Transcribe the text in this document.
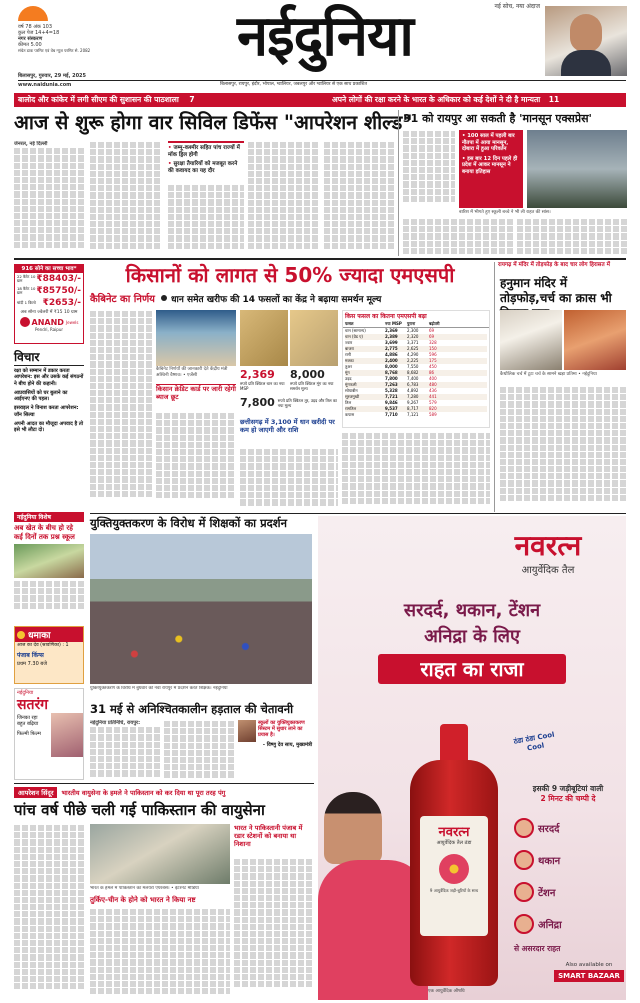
वर्ष 78 अंक 103
कुल पेज 14+4=18
नगर संस्करण
कीमत 5.00
संचेत डाक परमिट एवं वेब न्यूज परमिट से. 2082	नईदुनिया	नई सोच, नया अंदाज
बिलासपुर, गुरुवार, 29 मई, 2025
www.naidunia.com	बिलासपुर, रायपुर, इंदौर, भोपाल, ग्वालियर, जबलपुर और ग्वालियर से एक साथ प्रकाशित
बालोद और कांकेर में लगी सीएम की सुशासन की पाठशाला 7	अपने लोगों की रक्षा करने के भारत के अधिकार को कई देशों ने दी है मान्यता 11
आज से शुरू होगा वार सिविल डिफेंस "आपरेशन शील्ड"
जेनरल, नई दिल्ली
• जम्मू-कश्मीर सहित पांच राज्यों में मॉक ड्रिल होगी
• सुरक्षा तैयारियों को मजबूत करने की कवायद का यह दौर
31 को रायपुर आ सकती है 'मानसून एक्सप्रेस'
• 100 साल में पहली बार नौतपा में आया मानसून, दोबारा में हुआ परिवर्तन
• इस बार 12 दिन पहले ही प्रदेश में आकर मानसून ने बनाया इतिहास
बारिश में भीगते हुए स्कूली बच्चे ने भी ली राहत की सांस।
916 सोने का सच्चा भाव*
22 कैरेट 10 ग्राम	₹88403/-
18 कैरेट 10 ग्राम	₹85750/-
चांदी 1 किलो ₹2653/-
अब सोना ज्वेलरी में ₹15 10 ग्राम
ANAND Jewels
Pendri, Raipur
विचार
रक्षा को सम्मान में डकार करता आपरेशन: इस और उसके कई संगठनों ने बीच होने की कहानी।
आप्रवासियों को घर बुलाने का आईएनए की पहल।
इसराइल ने विनाश करता आपरेशन: जॉन सिल्वा
अपनी आदत का मौजूदा अपवाद है तो इसे भी लौटा दो।
किसानों को लागत से 50% ज्यादा एमएसपी
कैबिनेट का निर्णय धान समेत खरीफ की 14 फसलों का केंद्र ने बढ़ाया समर्थन मूल्य
कैबिनेट निर्णयों की जानकारी देते केंद्रीय मंत्री अश्विनी वैष्णव। • एजेंसी
किसान क्रेडिट कार्ड पर जारी रहेगी ब्याज छूट
2,369
रुपये प्रति क्विंटल धान का नया MSP
8,000
रुपये प्रति क्विंटल मूंग का नया समर्थन मूल्य
7,800 रुपये प्रति क्विंटल तूर, उड़द और तिल का नया मूल्य
छत्तीसगढ़ में 3,100 में धान खरीदी पर कम हो जाएगी और राशि
किस फसल का कितना एमएसपी बढ़ा
फसल	नया MSP	पुराना	बढ़ोतरी
धान (सामान्य)	2,369	2,300	69
धान (ग्रेड ए)	2,389	2,320	69
ज्वार	3,699	3,371	328
बाजरा	2,775	2,625	150
रागी	4,886	4,290	596
मक्का	2,400	2,225	175
तुअर	8,000	7,550	450
मूंग	8,768	8,682	86
उड़द	7,800	7,400	400
मूंगफली	7,263	6,783	480
सोयाबीन	5,328	4,892	436
सूरजमुखी	7,721	7,280	441
तिल	9,846	9,267	579
रामतिल	9,537	8,717	820
कपास	7,710	7,121	589
रायगढ़ में मंदिर में तोड़फोड़ के बाद चार लोग हिरासत में
हनुमान मंदिर में तोड़फोड़,चर्च का क्रास भी
कैथोलिक चर्च में टूटा चर्च के सामने खड़ा प्रतिमा • नईदुनिया
नईदुनिया विशेष
अब खेत के बीच हो रहे कई दिनों तक प्रश्न स्कूल
धमाका
आज का देव (श्रावणिका) : 1
पंजाब किंग्स
प्रथम 7.30 बजे
नईदुनिया
सतरंग
जिनका रहा बहुत बढ़िया
फिल्मी फिल्म
युक्तियुक्तकरण के विरोध में शिक्षकों का प्रदर्शन
युक्तियुक्तकरण के विरोध में बुधवार को नवा रायपुर में प्रदर्शन करते शिक्षक। नईदुनिया
31 मई से अनिश्चितकालीन हड़ताल की चेतावनी
नईदुनिया प्रतिनिधि, रायपुर:	स्कूलों का युक्तियुक्तकरण सिस्टम में सुधार लाने का प्रयास है।
- विष्णु देव साय, मुख्यमंत्री
नवरत्न
आयुर्वेदिक तैल
सरदर्द, थकान, टेंशन
अनिद्रा के लिए
राहत का राजा
नवरत्न
आयुर्वेदिक तैल ठंडा
9 आयुर्वेदिक जड़ी-बूटियों के साथ
ठंडा ठंडा Cool Cool
इसकी 9 जड़ीबूटियां वाली
2 मिनट की चम्पी दे
सरदर्द
थकान
टेंशन
अनिद्रा
से असरदार राहत
एक आयुर्वेदिक औषधि
Also available on
SMART BAZAAR
आपरेशन सिंदूर	भारतीय वायुसेना के हमले ने पाकिस्तान को कर दिया था पूरा तरह पंगु
पांच वर्ष पीछे चली गई पाकिस्तान की वायुसेना
भारत के हमले में पाकिस्तान का मलयरा एयरबेस। • इंटरनेट मीडिया
तुर्किए-चीन के होने को भारत ने किया नष्ट
भारत ने पाकिस्तानी पंजाब में रडार स्टेशनों को बनाया था निशाना
